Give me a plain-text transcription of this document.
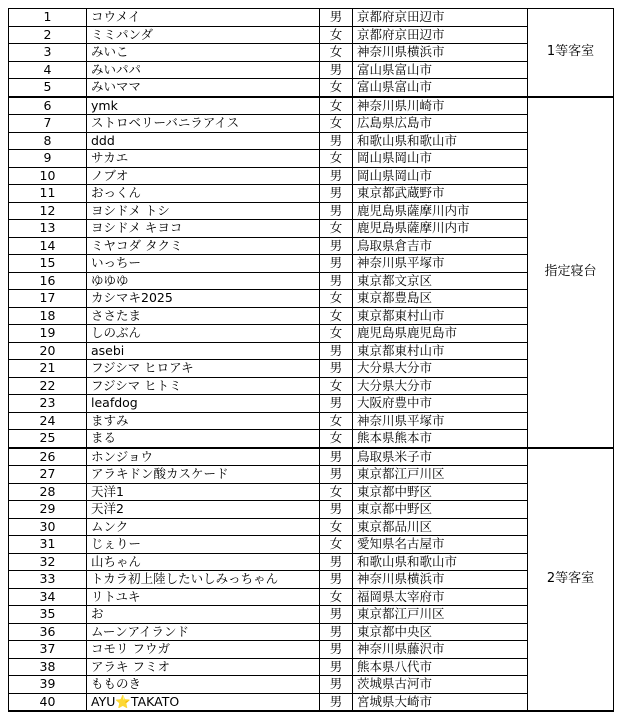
1	コウメイ	男	京都府京田辺市	1等客室
2	ミミパンダ	女	京都府京田辺市	
3	みいこ	女	神奈川県横浜市	
4	みいパパ	男	富山県富山市	
5	みいママ	女	富山県富山市	
6	ymk	女	神奈川県川崎市	指定寝台
7	ストロベリーバニラアイス	女	広島県広島市	
8	ddd	男	和歌山県和歌山市	
9	サカエ	女	岡山県岡山市	
10	ノブオ	男	岡山県岡山市	
11	おっくん	男	東京都武蔵野市	
12	ヨシドメ トシ	男	鹿児島県薩摩川内市	
13	ヨシドメ キヨコ	女	鹿児島県薩摩川内市	
14	ミヤコダ タクミ	男	鳥取県倉吉市	
15	いっちー	男	神奈川県平塚市	
16	ゆゆゆ	男	東京都文京区	
17	カシマキ2025	女	東京都豊島区	
18	ささたま	女	東京都東村山市	
19	しのぶん	女	鹿児島県鹿児島市	
20	asebi	男	東京都東村山市	
21	フジシマ ヒロアキ	男	大分県大分市	
22	フジシマ ヒトミ	女	大分県大分市	
23	leafdog	男	大阪府豊中市	
24	ますみ	女	神奈川県平塚市	
25	まる	女	熊本県熊本市	
26	ホンジョウ	男	鳥取県米子市	2等客室
27	アラキドン酸カスケード	男	東京都江戸川区	
28	天洋1	女	東京都中野区	
29	天洋2	男	東京都中野区	
30	ムンク	女	東京都品川区	
31	じぇりー	女	愛知県名古屋市	
32	山ちゃん	男	和歌山県和歌山市	
33	トカラ初上陸したいしみっちゃん	男	神奈川県横浜市	
34	リトユキ	女	福岡県太宰府市	
35	お	男	東京都江戸川区	
36	ムーンアイランド	男	東京都中央区	
37	コモリ フウガ	男	神奈川県藤沢市	
38	アラキ フミオ	男	熊本県八代市	
39	もものき	男	茨城県古河市	
40	AYU⭐TAKATO	男	宮城県大崎市	
